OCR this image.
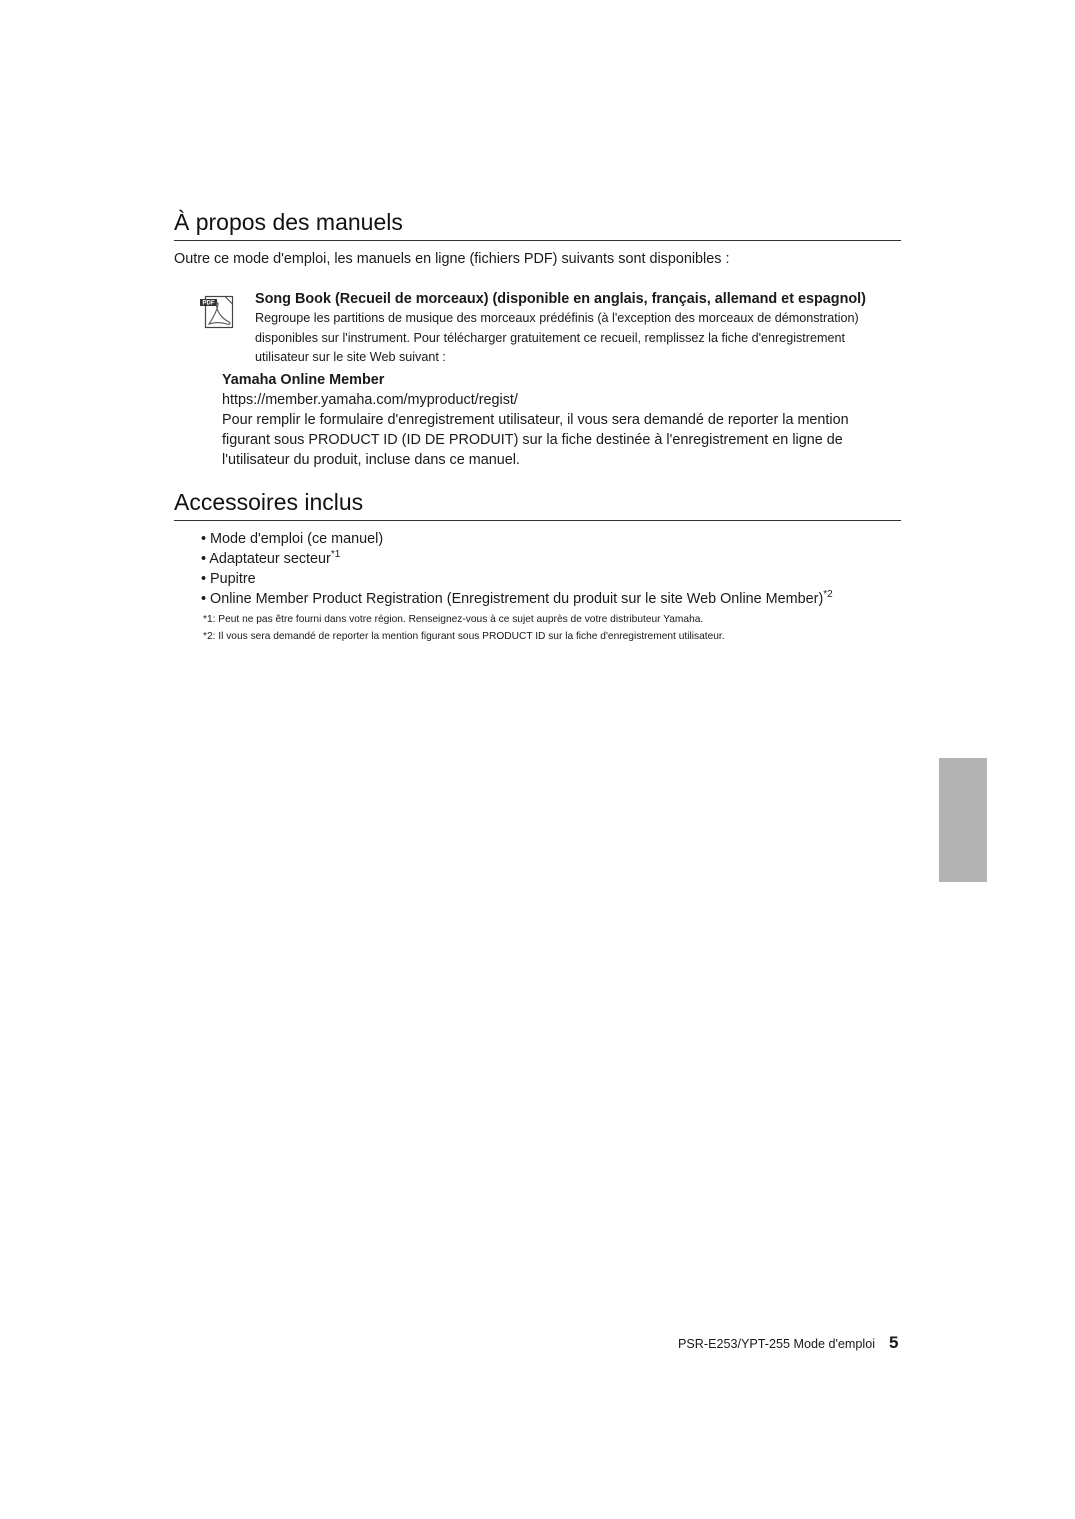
À propos des manuels
Outre ce mode d'emploi, les manuels en ligne (fichiers PDF) suivants sont disponibles :
PDF	Song Book (Recueil de morceaux) (disponible en anglais, français, allemand et espagnol)
Regroupe les partitions de musique des morceaux prédéfinis (à l'exception des morceaux de démonstration)
disponibles sur l'instrument. Pour télécharger gratuitement ce recueil, remplissez la fiche d'enregistrement
utilisateur sur le site Web suivant :
Yamaha Online Member
https://member.yamaha.com/myproduct/regist/
Pour remplir le formulaire d'enregistrement utilisateur, il vous sera demandé de reporter la mention
figurant sous PRODUCT ID (ID DE PRODUIT) sur la fiche destinée à l'enregistrement en ligne de
l'utilisateur du produit, incluse dans ce manuel.
Accessoires inclus
• Mode d'emploi (ce manuel)
• Adaptateur secteur$^{*1}$
• Pupitre
• Online Member Product Registration (Enregistrement du produit sur le site Web Online Member)$^{*2}$
*1: Peut ne pas être fourni dans votre région. Renseignez-vous à ce sujet auprès de votre distributeur Yamaha.
*2: Il vous sera demandé de reporter la mention figurant sous PRODUCT ID sur la fiche d'enregistrement utilisateur.
PSR-E253/YPT-255 Mode d'emploi 5
